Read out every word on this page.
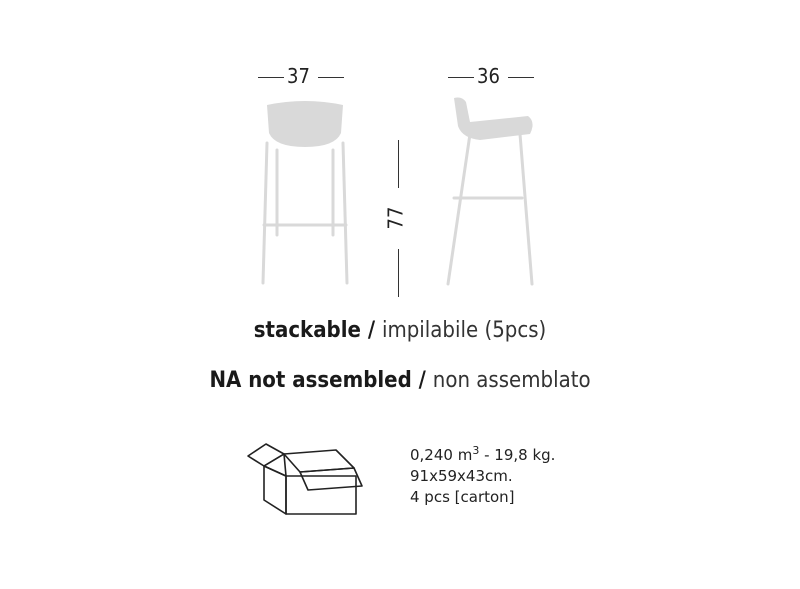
37	36
77
stackable / impilabile (5pcs)
NA not assembled / non assemblato
0,240 $m^3 - 19,8$ kg.
91x59x43cm.
4 pcs [carton]
